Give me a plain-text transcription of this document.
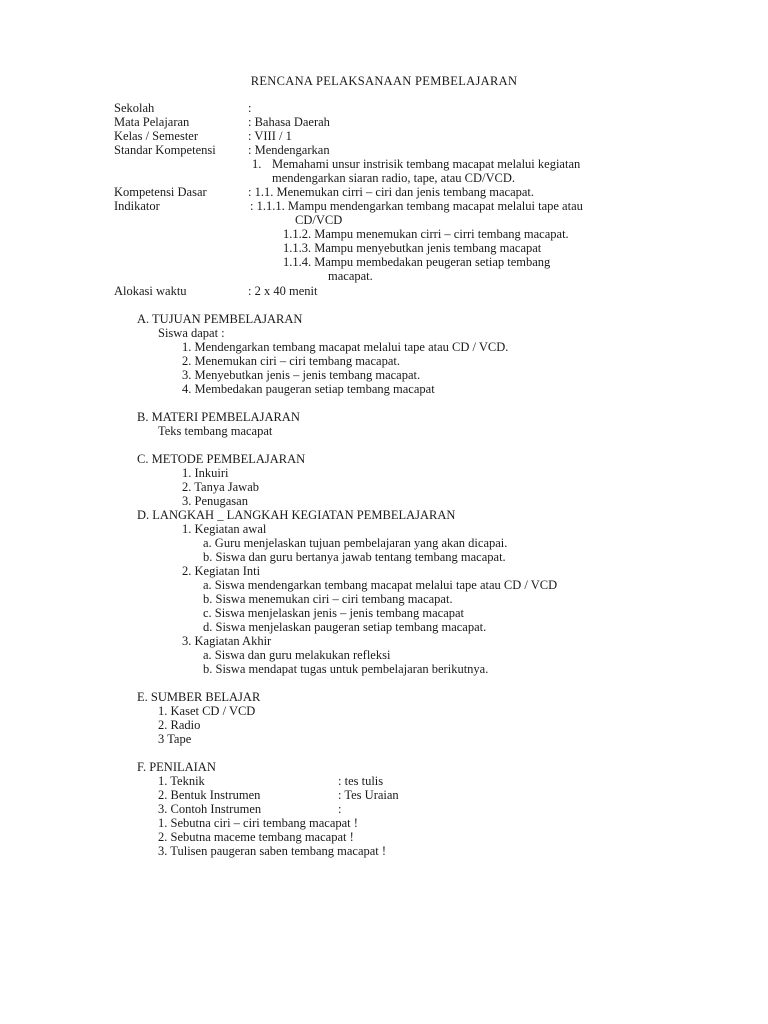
RENCANA PELAKSANAAN PEMBELAJARAN
Sekolah	:
Mata Pelajaran	: Bahasa Daerah
Kelas / Semester	: VIII / 1
Standar Kompetensi	: Mendengarkan
1. Memahami unsur instrisik tembang macapat melalui kegiatan
mendengarkan siaran radio, tape, atau CD/VCD.
Kompetensi Dasar	: 1.1. Menemukan cirri – ciri dan jenis tembang macapat.
Indikator	: 1.1.1. Mampu mendengarkan tembang macapat melalui tape atau
CD/VCD
1.1.2. Mampu menemukan cirri – cirri tembang macapat.
1.1.3. Mampu menyebutkan jenis tembang macapat
1.1.4. Mampu membedakan peugeran setiap tembang
macapat.
Alokasi waktu	: 2 x 40 menit
A. TUJUAN PEMBELAJARAN
Siswa dapat :
1. Mendengarkan tembang macapat melalui tape atau CD / VCD.
2. Menemukan ciri – ciri tembang macapat.
3. Menyebutkan jenis – jenis tembang macapat.
4. Membedakan paugeran setiap tembang macapat
B. MATERI PEMBELAJARAN
Teks tembang macapat
C. METODE PEMBELAJARAN
1. Inkuiri
2. Tanya Jawab
3. Penugasan
D. LANGKAH _ LANGKAH KEGIATAN PEMBELAJARAN
1. Kegiatan awal
a. Guru menjelaskan tujuan pembelajaran yang akan dicapai.
b. Siswa dan guru bertanya jawab tentang tembang macapat.
2. Kegiatan Inti
a. Siswa mendengarkan tembang macapat melalui tape atau CD / VCD
b. Siswa menemukan ciri – ciri tembang macapat.
c. Siswa menjelaskan jenis – jenis tembang macapat
d. Siswa menjelaskan paugeran setiap tembang macapat.
3. Kagiatan Akhir
a. Siswa dan guru melakukan refleksi
b. Siswa mendapat tugas untuk pembelajaran berikutnya.
E. SUMBER BELAJAR
1. Kaset CD / VCD
2. Radio
3 Tape
F. PENILAIAN
1. Teknik	: tes tulis
2. Bentuk Instrumen	: Tes Uraian
3. Contoh Instrumen	:
1. Sebutna ciri – ciri tembang macapat !
2. Sebutna maceme tembang macapat !
3. Tulisen paugeran saben tembang macapat !
